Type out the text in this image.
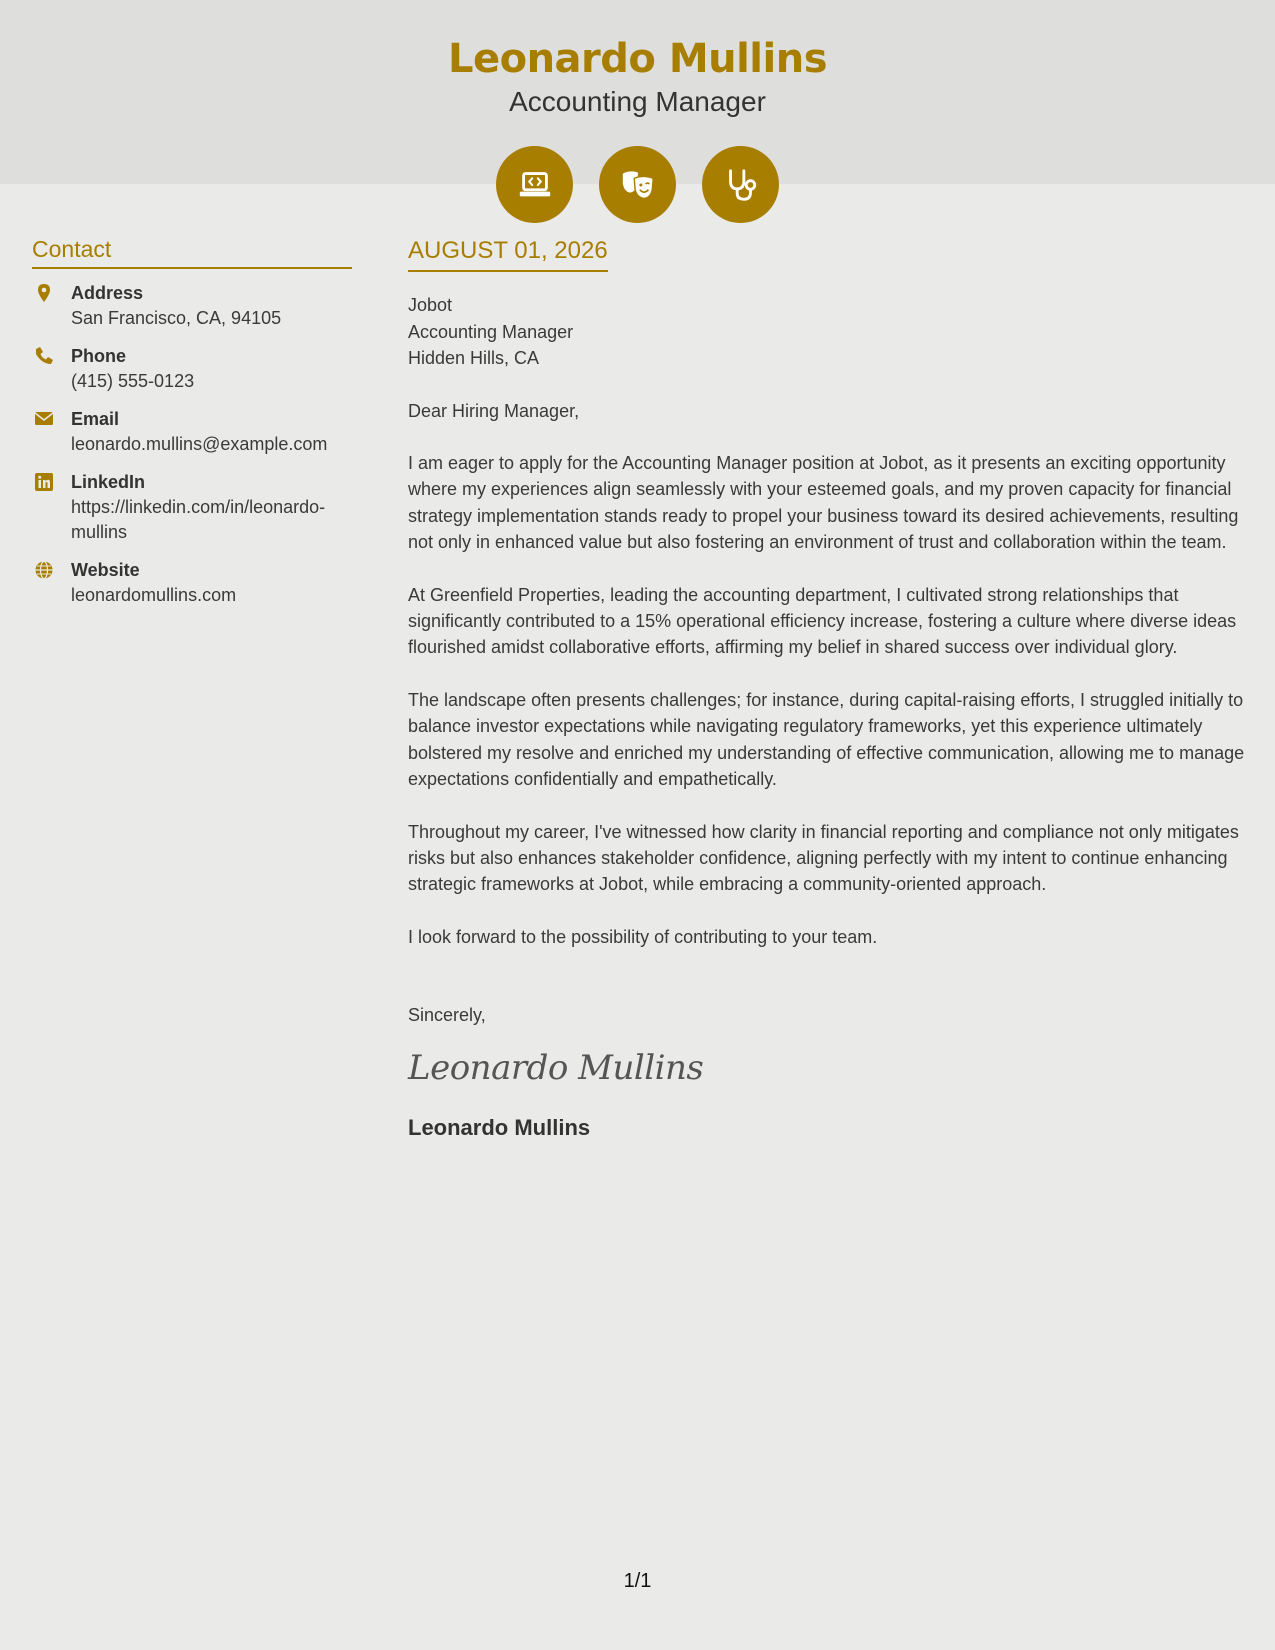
Leonardo Mullins
Accounting Manager
Contact
Address
San Francisco, CA, 94105
Phone
(415) 555-0123
Email
leonardo.mullins@example.com
LinkedIn
https://linkedin.com/in/leonardo-mullins
Website
leonardomullins.com
AUGUST 01, 2026
Jobot
Accounting Manager
Hidden Hills, CA

Dear Hiring Manager,

I am eager to apply for the Accounting Manager position at Jobot, as it presents an exciting opportunity where my experiences align seamlessly with your esteemed goals, and my proven capacity for financial strategy implementation stands ready to propel your business toward its desired achievements, resulting not only in enhanced value but also fostering an environment of trust and collaboration within the team.

At Greenfield Properties, leading the accounting department, I cultivated strong relationships that significantly contributed to a 15% operational efficiency increase, fostering a culture where diverse ideas flourished amidst collaborative efforts, affirming my belief in shared success over individual glory.

The landscape often presents challenges; for instance, during capital-raising efforts, I struggled initially to balance investor expectations while navigating regulatory frameworks, yet this experience ultimately bolstered my resolve and enriched my understanding of effective communication, allowing me to manage expectations confidentially and empathetically.

Throughout my career, I've witnessed how clarity in financial reporting and compliance not only mitigates risks but also enhances stakeholder confidence, aligning perfectly with my intent to continue enhancing strategic frameworks at Jobot, while embracing a community-oriented approach.

I look forward to the possibility of contributing to your team.

Sincerely,

Leonardo Mullins
Leonardo Mullins
1/1
